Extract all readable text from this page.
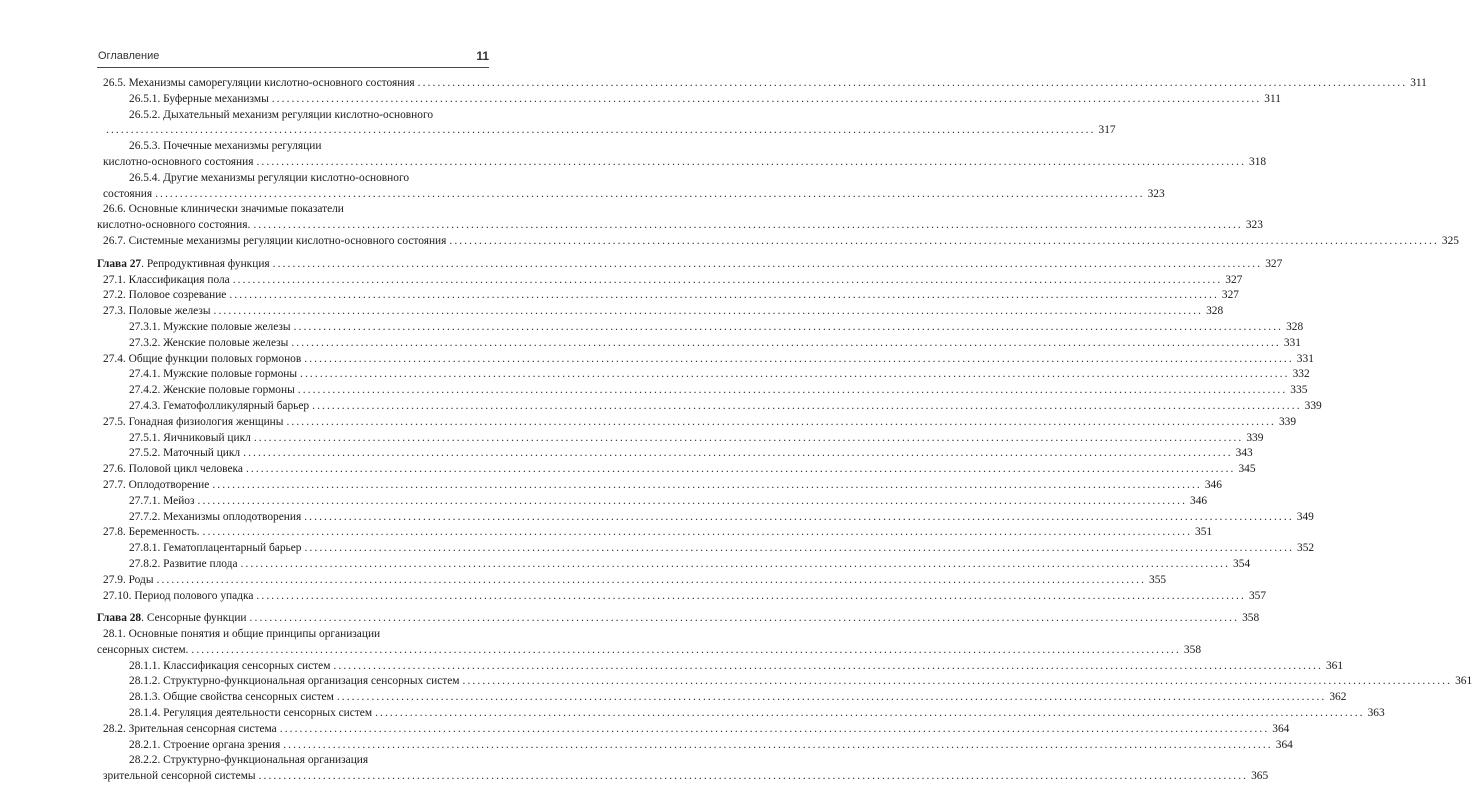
Оглавление	11
26.5. Механизмы саморегуляции кислотно-основного состояния ........................................................................................................................................................................................................ 311
26.5.1. Буферные механизмы ........................................................................................................................................................................................................ 311
26.5.2. Дыхательный механизм регуляции кислотно-основного
........................................................................................................................................................................................................ 317
26.5.3. Почечные механизмы регуляции
кислотно-основного состояния ........................................................................................................................................................................................................ 318
26.5.4. Другие механизмы регуляции кислотно-основного
состояния ........................................................................................................................................................................................................ 323
26.6. Основные клинически значимые показатели
кислотно-основного состояния. ........................................................................................................................................................................................................ 323
26.7. Системные механизмы регуляции кислотно-основного состояния ........................................................................................................................................................................................................ 325
Глава 27. Репродуктивная функция ........................................................................................................................................................................................................ 327
27.1. Классификация пола ........................................................................................................................................................................................................ 327
27.2. Половое созревание ........................................................................................................................................................................................................ 327
27.3. Половые железы ........................................................................................................................................................................................................ 328
27.3.1. Мужские половые железы ........................................................................................................................................................................................................ 328
27.3.2. Женские половые железы ........................................................................................................................................................................................................ 331
27.4. Общие функции половых гормонов ........................................................................................................................................................................................................ 331
27.4.1. Мужские половые гормоны ........................................................................................................................................................................................................ 332
27.4.2. Женские половые гормоны ........................................................................................................................................................................................................ 335
27.4.3. Гематофолликулярный барьер ........................................................................................................................................................................................................ 339
27.5. Гонадная физиология женщины ........................................................................................................................................................................................................ 339
27.5.1. Яичниковый цикл ........................................................................................................................................................................................................ 339
27.5.2. Маточный цикл ........................................................................................................................................................................................................ 343
27.6. Половой цикл человека ........................................................................................................................................................................................................ 345
27.7. Оплодотворение ........................................................................................................................................................................................................ 346
27.7.1. Мейоз ........................................................................................................................................................................................................ 346
27.7.2. Механизмы оплодотворения ........................................................................................................................................................................................................ 349
27.8. Беременность. ........................................................................................................................................................................................................ 351
27.8.1. Гематоплацентарный барьер ........................................................................................................................................................................................................ 352
27.8.2. Развитие плода ........................................................................................................................................................................................................ 354
27.9. Роды ........................................................................................................................................................................................................ 355
27.10. Период полового упадка ........................................................................................................................................................................................................ 357
Глава 28. Сенсорные функции ........................................................................................................................................................................................................ 358
28.1. Основные понятия и общие принципы организации
сенсорных систем. ........................................................................................................................................................................................................ 358
28.1.1. Классификация сенсорных систем ........................................................................................................................................................................................................ 361
28.1.2. Структурно-функциональная организация сенсорных систем ........................................................................................................................................................................................................ 361
28.1.3. Общие свойства сенсорных систем ........................................................................................................................................................................................................ 362
28.1.4. Регуляция деятельности сенсорных систем ........................................................................................................................................................................................................ 363
28.2. Зрительная сенсорная система ........................................................................................................................................................................................................ 364
28.2.1. Строение органа зрения ........................................................................................................................................................................................................ 364
28.2.2. Структурно-функциональная организация
зрительной сенсорной системы ........................................................................................................................................................................................................ 365
